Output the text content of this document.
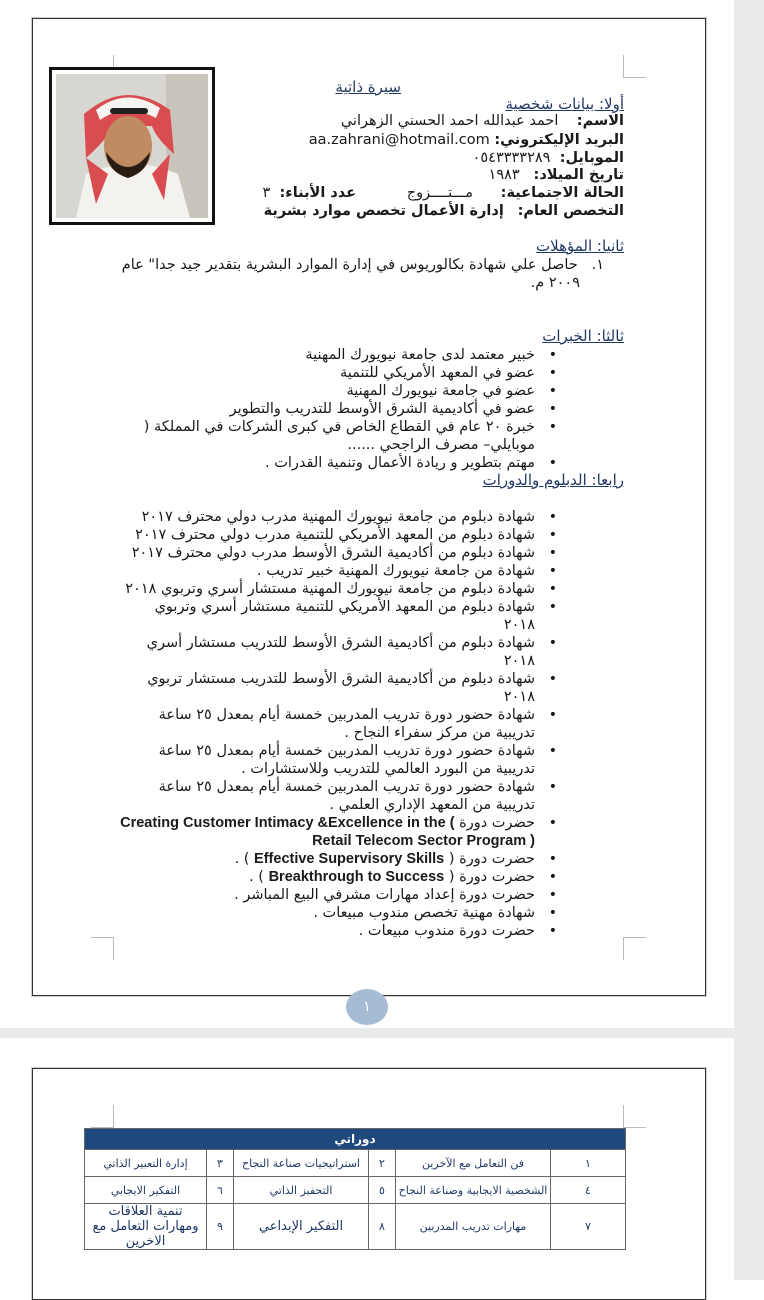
سيرة ذاتية
أولا: بيانات شخصية
الاسم:    احمد عبدالله احمد الحسني الزهراني
البريد الإليكتروني: aa.zahrani@hotmail.com
الموبايل:  ٠٥٤٣٣٣٣٢٨٩
تاريخ الميلاد:   ١٩٨٣
الحالة الاجتماعية:      مـــتــــزوج           عدد الأبناء:  ٣
التخصص العام:   إدارة الأعمال تخصص موارد بشرية
ثانيا: المؤهلات
١.   حاصل علي شهادة بكالوريوس في إدارة الموارد البشرية بتقدير جيد جدا" عام
٢٠٠٩ م.
ثالثا: الخبرات
• خبير معتمد لدى جامعة نيويورك المهنية
• عضو في المعهد الأمريكي للتنمية
• عضو في جامعة نيويورك المهنية
• عضو في أكاديمية الشرق الأوسط للتدريب والتطوير
• خبرة ٢٠ عام في القطاع الخاص في كبرى الشركات في المملكة ( موبايلي– مصرف الراجحي ......
• مهتم بتطوير و ريادة الأعمال وتنمية القدرات .
رابعا: الدبلوم والدورات
• شهادة دبلوم من جامعة نيويورك المهنية مدرب دولي محترف ٢٠١٧
• شهادة دبلوم من المعهد الأمريكي للتنمية مدرب دولي محترف ٢٠١٧
• شهادة دبلوم من أكاديمية الشرق الأوسط مدرب دولي محترف ٢٠١٧
• شهادة من جامعة نيويورك المهنية خبير تدريب .
• شهادة دبلوم من جامعة نيويورك المهنية مستشار أسري وتربوي ٢٠١٨
• شهادة دبلوم من المعهد الأمريكي للتنمية مستشار أسري وتربوي ٢٠١٨
• شهادة دبلوم من أكاديمية الشرق الأوسط للتدريب مستشار أسري ٢٠١٨
• شهادة دبلوم من أكاديمية الشرق الأوسط للتدريب مستشار تربوي ٢٠١٨
• شهادة حضور دورة تدريب المدربين خمسة أيام بمعدل ٢٥ ساعة تدريبية من مركز سفراء النجاح .
• شهادة حضور دورة تدريب المدربين خمسة أيام بمعدل ٢٥ ساعة تدريبية من البورد العالمي للتدريب وللاستشارات .
• شهادة حضور دورة تدريب المدربين خمسة أيام بمعدل ٢٥ ساعة تدريبية من المعهد الإداري العلمي .
• حضرت دورة Creating Customer Intimacy &Excellence in the ( Retail Telecom Sector Program )
• حضرت دورة ( Effective Supervisory Skills ) .
• حضرت دورة ( Breakthrough to Success ) .
• حضرت دورة إعداد مهارات مشرفي البيع المباشر .
• شهادة مهنية تخصص مندوب مبيعات .
• حضرت دورة مندوب مبيعات .
١
دوراتي					
١	فن التعامل مع الآخرين	٢	استراتيجيات صناعة النجاح	٣	إدارة التعبير الذاتي
٤	الشخصية الايجابية وصناعة النجاح	٥	التحفيز الذاتي	٦	التفكير الايجابي
٧	مهارات تدريب المدربين	٨	التفكير الإبداعي	٩	تنمية العلاقات ومهارات التعامل مع الاخرين
